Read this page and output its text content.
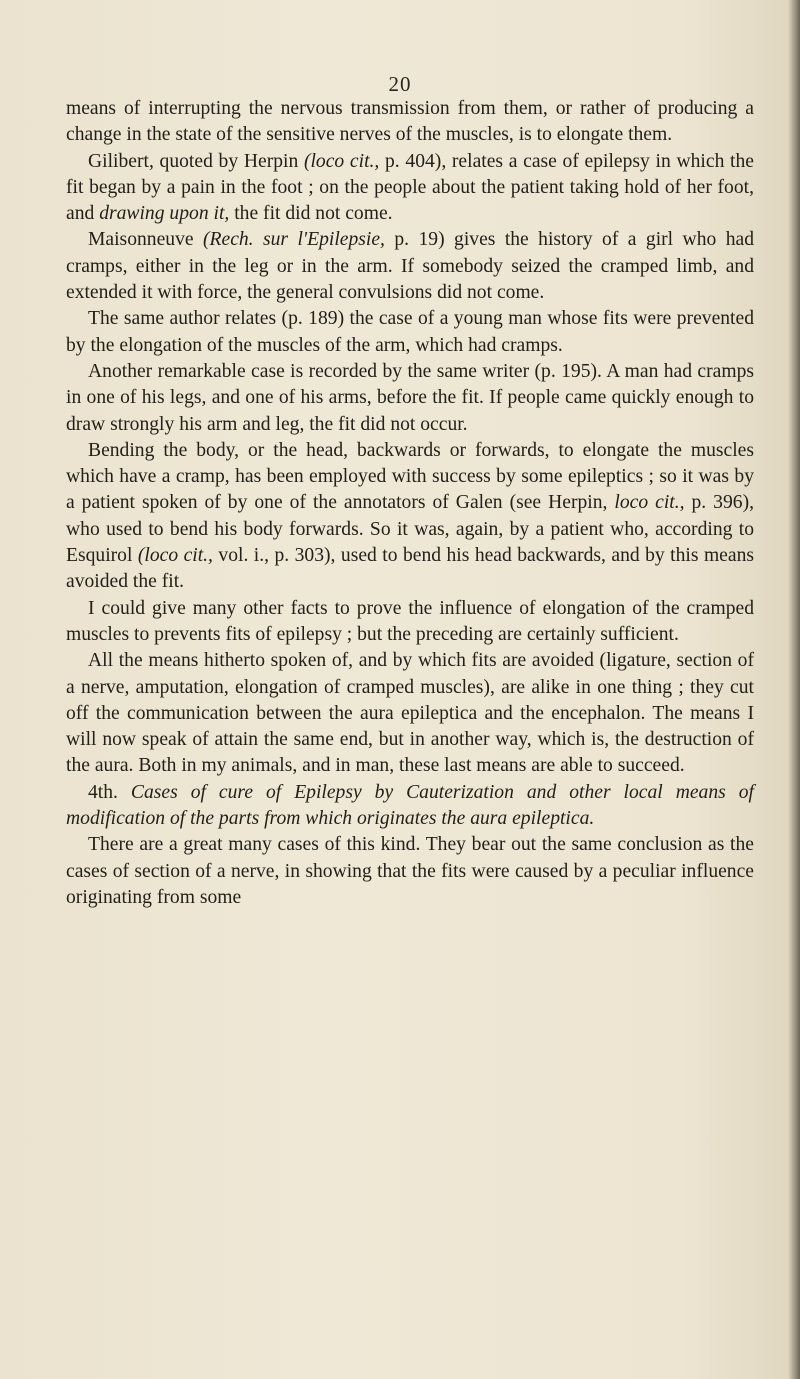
20

means of interrupting the nervous transmission from them, or rather of producing a change in the state of the sensitive nerves of the muscles, is to elongate them.

Gilibert, quoted by Herpin (loco cit., p. 404), relates a case of epilepsy in which the fit began by a pain in the foot ; on the people about the patient taking hold of her foot, and drawing upon it, the fit did not come.

Maisonneuve (Rech. sur l'Epilepsie, p. 19) gives the history of a girl who had cramps, either in the leg or in the arm. If somebody seized the cramped limb, and extended it with force, the general convulsions did not come.

The same author relates (p. 189) the case of a young man whose fits were prevented by the elongation of the muscles of the arm, which had cramps.

Another remarkable case is recorded by the same writer (p. 195). A man had cramps in one of his legs, and one of his arms, before the fit. If people came quickly enough to draw strongly his arm and leg, the fit did not occur.

Bending the body, or the head, backwards or forwards, to elongate the muscles which have a cramp, has been employed with success by some epileptics ; so it was by a patient spoken of by one of the annotators of Galen (see Herpin, loco cit., p. 396), who used to bend his body forwards. So it was, again, by a patient who, according to Esquirol (loco cit., vol. i., p. 303), used to bend his head backwards, and by this means avoided the fit.

I could give many other facts to prove the influence of elongation of the cramped muscles to prevents fits of epilepsy ; but the preceding are certainly sufficient.

All the means hitherto spoken of, and by which fits are avoided (ligature, section of a nerve, amputation, elongation of cramped muscles), are alike in one thing ; they cut off the communication between the aura epileptica and the encephalon. The means I will now speak of attain the same end, but in another way, which is, the destruction of the aura. Both in my animals, and in man, these last means are able to succeed.

4th. Cases of cure of Epilepsy by Cauterization and other local means of modification of the parts from which originates the aura epileptica.

There are a great many cases of this kind. They bear out the same conclusion as the cases of section of a nerve, in showing that the fits were caused by a peculiar influence originating from some
